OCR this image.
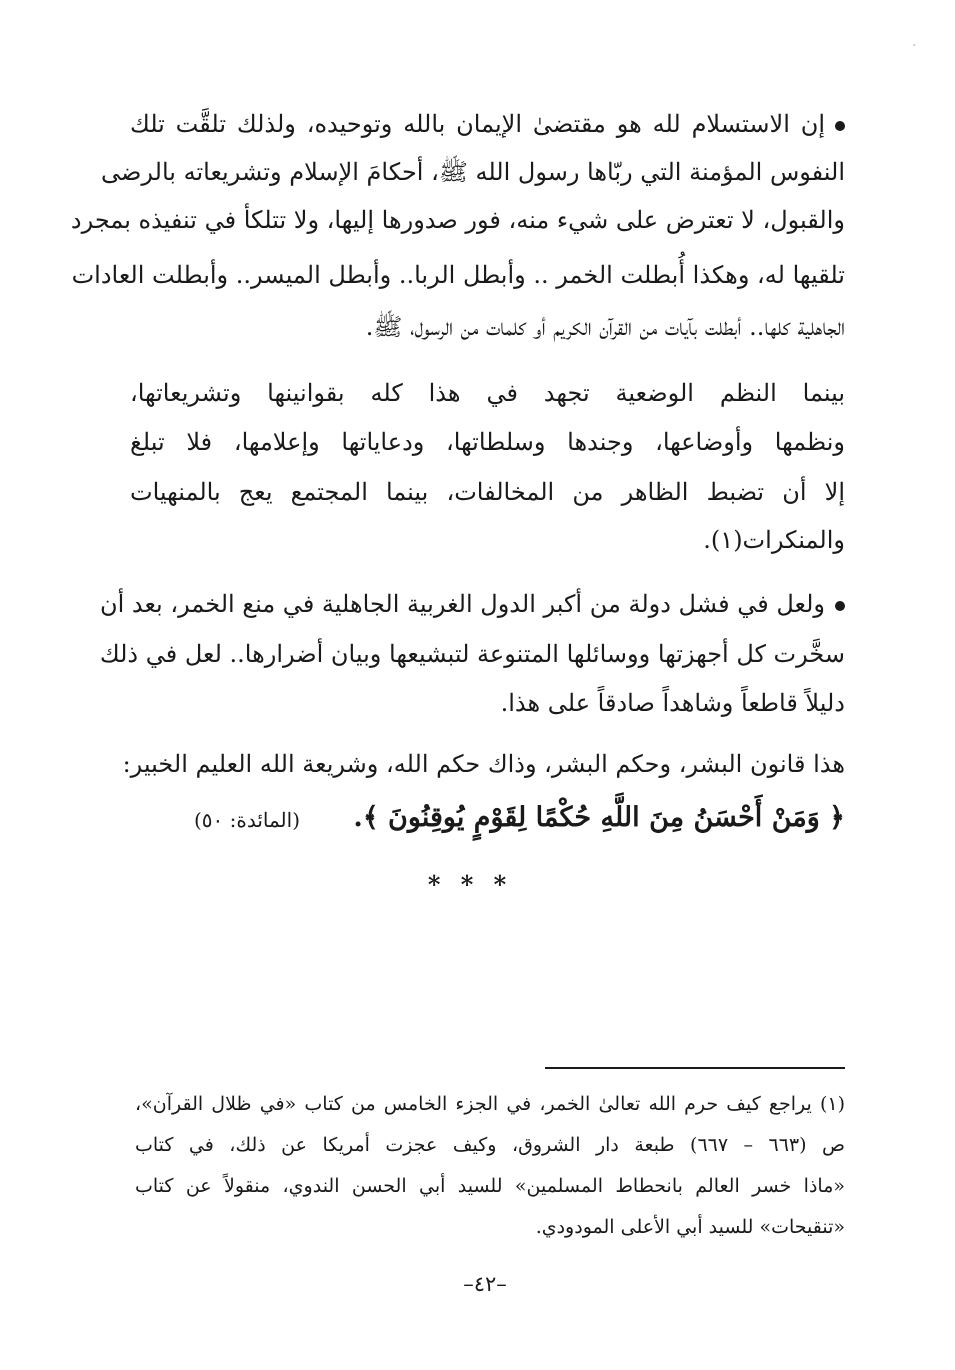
·
إن الاستسلام لله هو مقتضىٰ الإيمان بالله وتوحيده، ولذلك تلقَّت تلك
النفوس المؤمنة التي ربّاها رسول الله ﷺ، أحكامَ الإسلام وتشريعاته بالرضى
والقبول، لا تعترض على شيء منه، فور صدورها إليها، ولا تتلكأ في تنفيذه بمجرد
تلقيها له، وهكذا أُبطلت الخمر .. وأبطل الربا.. وأبطل الميسر.. وأبطلت العادات
الجاهلية كلها.. أبطلت بآيات من القرآن الكريم أو كلمات من الرسول، ﷺ.
بينما النظم الوضعية تجهد في هذا كله بقوانينها وتشريعاتها،
ونظمها وأوضاعها، وجندها وسلطاتها، ودعاياتها وإعلامها، فلا تبلغ
إلا أن تضبط الظاهر من المخالفات، بينما المجتمع يعج بالمنهيات
والمنكرات(١).
ولعل في فشل دولة من أكبر الدول الغربية الجاهلية في منع الخمر، بعد أن
سخَّرت كل أجهزتها ووسائلها المتنوعة لتبشيعها وبيان أضرارها.. لعل في ذلك
دليلاً قاطعاً وشاهداً صادقاً على هذا.
هذا قانون البشر، وحكم البشر، وذاك حكم الله، وشريعة الله العليم الخبير:
﴿ وَمَنْ أَحْسَنُ مِنَ اللَّهِ حُكْمًا لِقَوْمٍ يُوقِنُونَ ﴾.
(المائدة: ٥٠)
* * *
(١) يراجع كيف حرم الله تعالىٰ الخمر، في الجزء الخامس من كتاب «في ظلال القرآن»،
ص (٦٦٣ – ٦٦٧) طبعة دار الشروق، وكيف عجزت أمريكا عن ذلك، في كتاب
«ماذا خسر العالم بانحطاط المسلمين» للسيد أبي الحسن الندوي، منقولاً عن كتاب
«تنقيحات» للسيد أبي الأعلى المودودي.
–٤٢–
